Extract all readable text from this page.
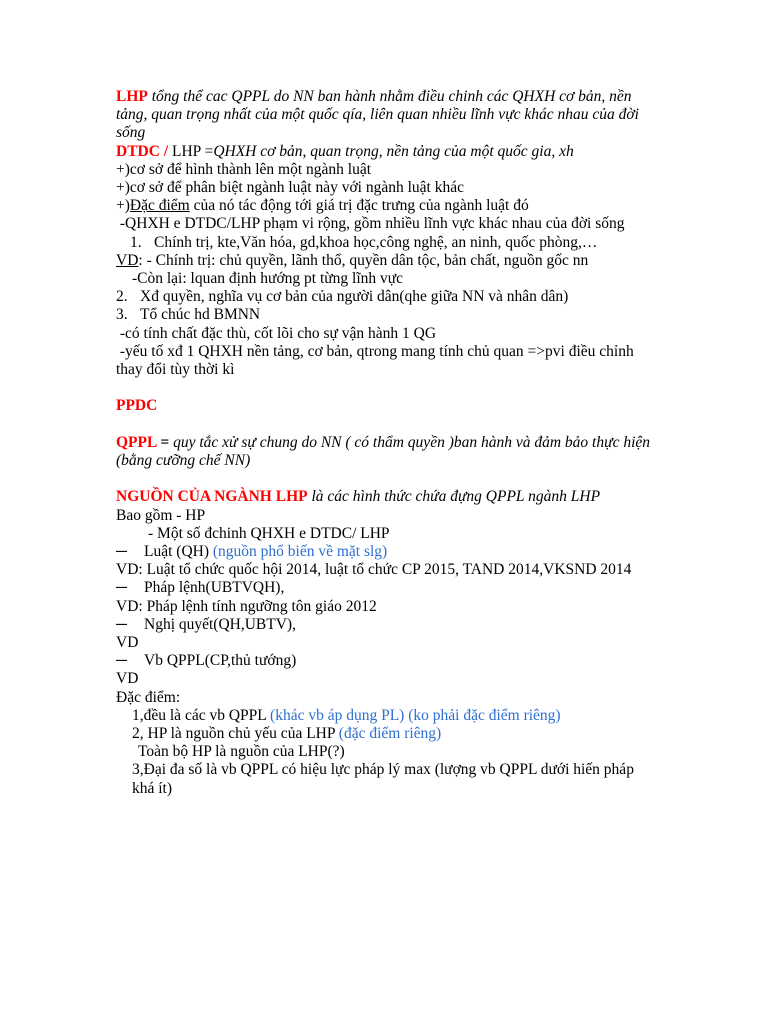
LHP tổng thể cac QPPL do NN ban hành nhằm điều chinh các QHXH cơ bản, nền tảng, quan trọng nhất của một quốc qía, liên quan nhiều lĩnh vực khác nhau của đời sống
DTDC / LHP =QHXH cơ bản, quan trọng, nền tảng của một quốc gia, xh
+)cơ sở để hình thành lên một ngành luật
+)cơ sở để phân biệt ngành luật này với ngành luật khác
+)Đặc điểm của nó tác động tới giá trị đặc trưng của ngành luật đó
-QHXH e DTDC/LHP phạm vi rộng, gồm nhiều lĩnh vực khác nhau của đời sống
1. Chính trị, kte,Văn hóa, gd,khoa học,công nghệ, an ninh, quốc phòng,…
VD: - Chính trị: chủ quyền, lãnh thổ, quyền dân tộc, bản chất, nguồn gốc nn
-Còn lại: lquan định hướng pt từng lĩnh vực
2. Xđ quyền, nghĩa vụ cơ bản của người dân(qhe giữa NN và nhân dân)
3. Tổ chúc hd BMNN
-có tính chất đặc thù, cốt lõi cho sự vận hành 1 QG
-yếu tố xđ 1 QHXH nền tảng, cơ bản, qtrong mang tính chủ quan =>pvi điều chỉnh thay đổi tùy thời kì
PPDC
QPPL = quy tắc xử sự chung do NN ( có thẩm quyền )ban hành và đảm bảo thực hiện (bằng cưỡng chế NN)
NGUỒN CỦA NGÀNH LHP là các hình thức chứa đựng QPPL ngành LHP
Bao gồm - HP
- Một số đchinh QHXH e DTDC/ LHP
─	Luật (QH) (nguồn phổ biến về mặt slg)
VD: Luật tổ chức quốc hội 2014, luật tổ chức CP 2015, TAND 2014,VKSND 2014
─	Pháp lệnh(UBTVQH),
VD: Pháp lệnh tính ngưỡng tôn giáo 2012
─	Nghị quyết(QH,UBTV),
VD
─	Vb QPPL(CP,thủ tướng)
VD
Đặc điểm:
1,đều là các vb QPPL (khác vb áp dụng PL) (ko phải đặc điểm riêng)
2, HP là nguồn chủ yếu của LHP (đặc điểm riêng)
Toàn bộ HP là nguồn của LHP(?)
3,Đại đa số là vb QPPL có hiệu lực pháp lý max (lượng vb QPPL dưới hiến pháp khá ít)
